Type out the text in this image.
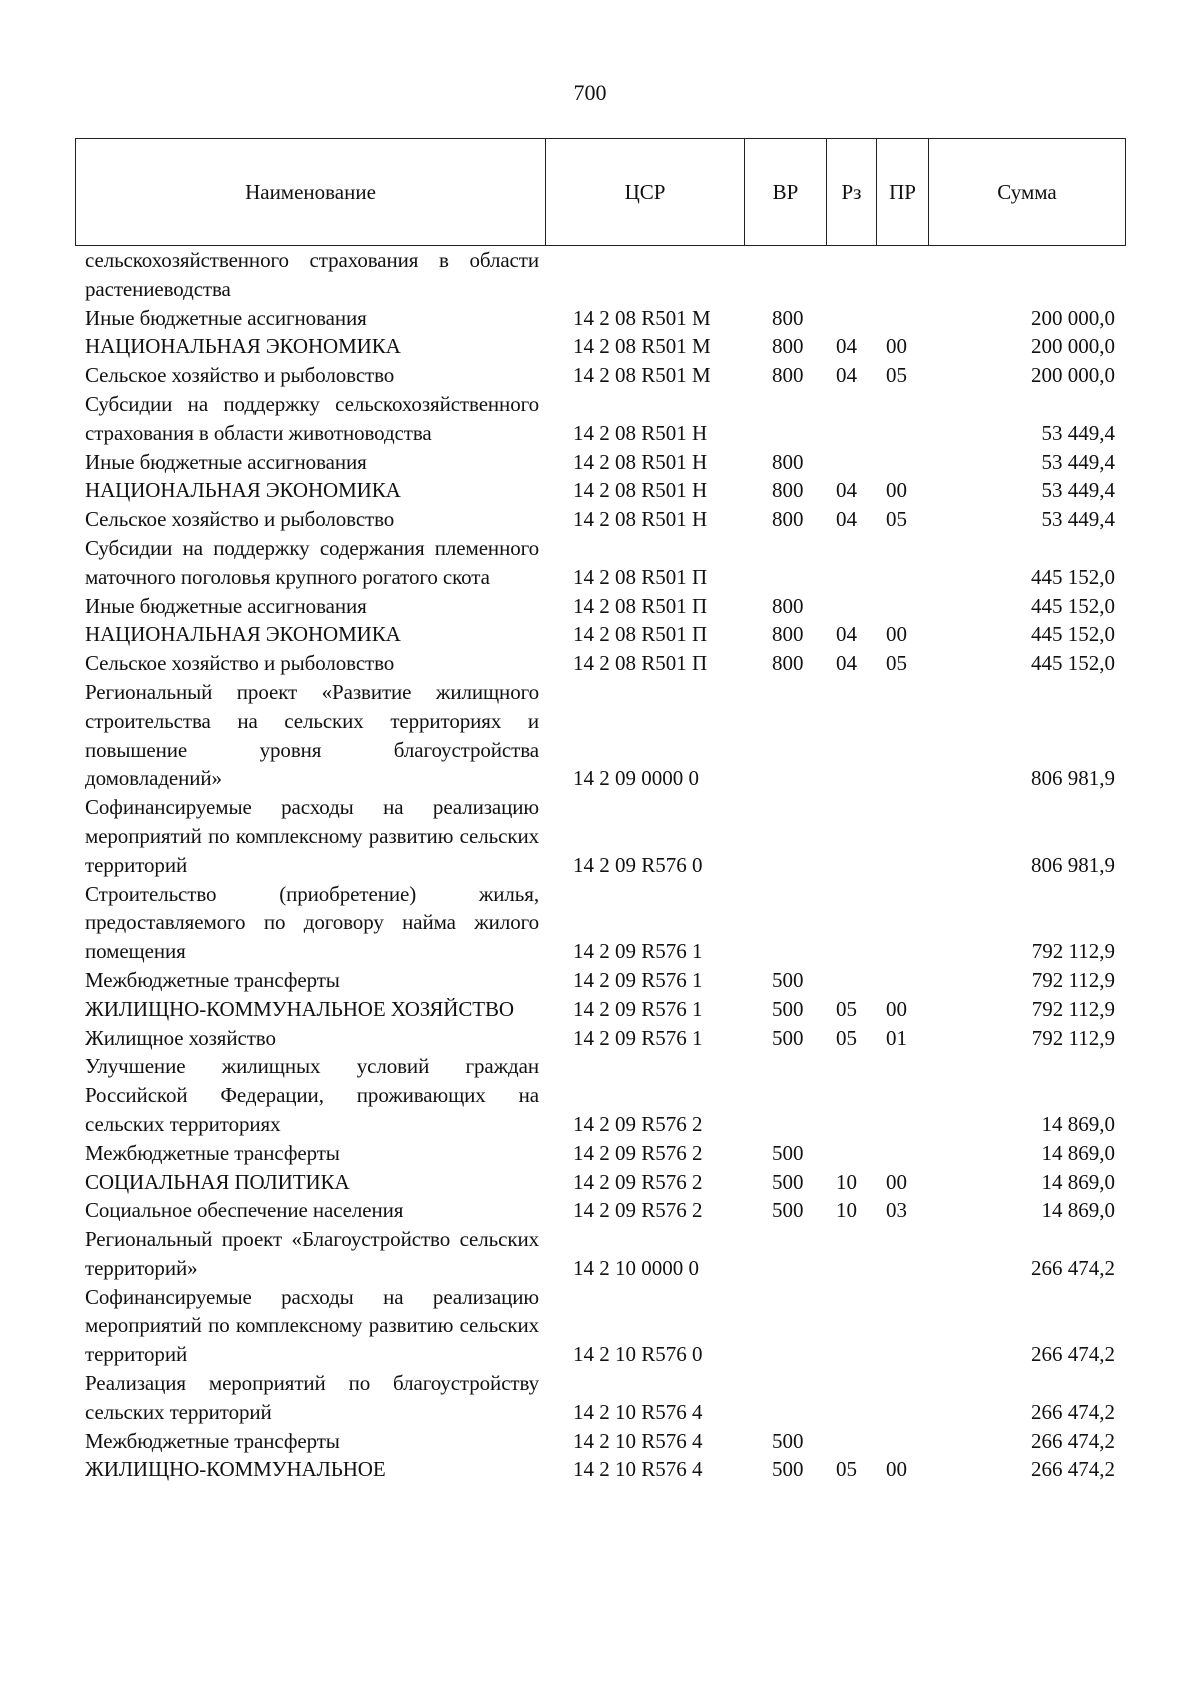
700
Наименование	ЦСР	ВР	Рз	ПР	Сумма
сельскохозяйственного страхования в области растениеводства					
Иные бюджетные ассигнования	14 2 08 R501 M	800			200 000,0
НАЦИОНАЛЬНАЯ ЭКОНОМИКА	14 2 08 R501 M	800	04	00	200 000,0
Сельское хозяйство и рыболовство	14 2 08 R501 M	800	04	05	200 000,0
Субсидии на поддержку сельскохозяйственного страхования в области животноводства	14 2 08 R501 H				53 449,4
Иные бюджетные ассигнования	14 2 08 R501 H	800			53 449,4
НАЦИОНАЛЬНАЯ ЭКОНОМИКА	14 2 08 R501 H	800	04	00	53 449,4
Сельское хозяйство и рыболовство	14 2 08 R501 H	800	04	05	53 449,4
Субсидии на поддержку содержания племенного маточного поголовья крупного рогатого скота	14 2 08 R501 П				445 152,0
Иные бюджетные ассигнования	14 2 08 R501 П	800			445 152,0
НАЦИОНАЛЬНАЯ ЭКОНОМИКА	14 2 08 R501 П	800	04	00	445 152,0
Сельское хозяйство и рыболовство	14 2 08 R501 П	800	04	05	445 152,0
Региональный проект «Развитие жилищного строительства на сельских территориях и повышение уровня благоустройства домовладений»	14 2 09 0000 0				806 981,9
Софинансируемые расходы на реализацию мероприятий по комплексному развитию сельских территорий	14 2 09 R576 0				806 981,9
Строительство (приобретение) жилья, предоставляемого по договору найма жилого помещения	14 2 09 R576 1				792 112,9
Межбюджетные трансферты	14 2 09 R576 1	500			792 112,9
ЖИЛИЩНО-КОММУНАЛЬНОЕ ХОЗЯЙСТВО	14 2 09 R576 1	500	05	00	792 112,9
Жилищное хозяйство	14 2 09 R576 1	500	05	01	792 112,9
Улучшение жилищных условий граждан Российской Федерации, проживающих на сельских территориях	14 2 09 R576 2				14 869,0
Межбюджетные трансферты	14 2 09 R576 2	500			14 869,0
СОЦИАЛЬНАЯ ПОЛИТИКА	14 2 09 R576 2	500	10	00	14 869,0
Социальное обеспечение населения	14 2 09 R576 2	500	10	03	14 869,0
Региональный проект «Благоустройство сельских территорий»	14 2 10 0000 0				266 474,2
Софинансируемые расходы на реализацию мероприятий по комплексному развитию сельских территорий	14 2 10 R576 0				266 474,2
Реализация мероприятий по благоустройству сельских территорий	14 2 10 R576 4				266 474,2
Межбюджетные трансферты	14 2 10 R576 4	500			266 474,2
ЖИЛИЩНО-КОММУНАЛЬНОЕ	14 2 10 R576 4	500	05	00	266 474,2
